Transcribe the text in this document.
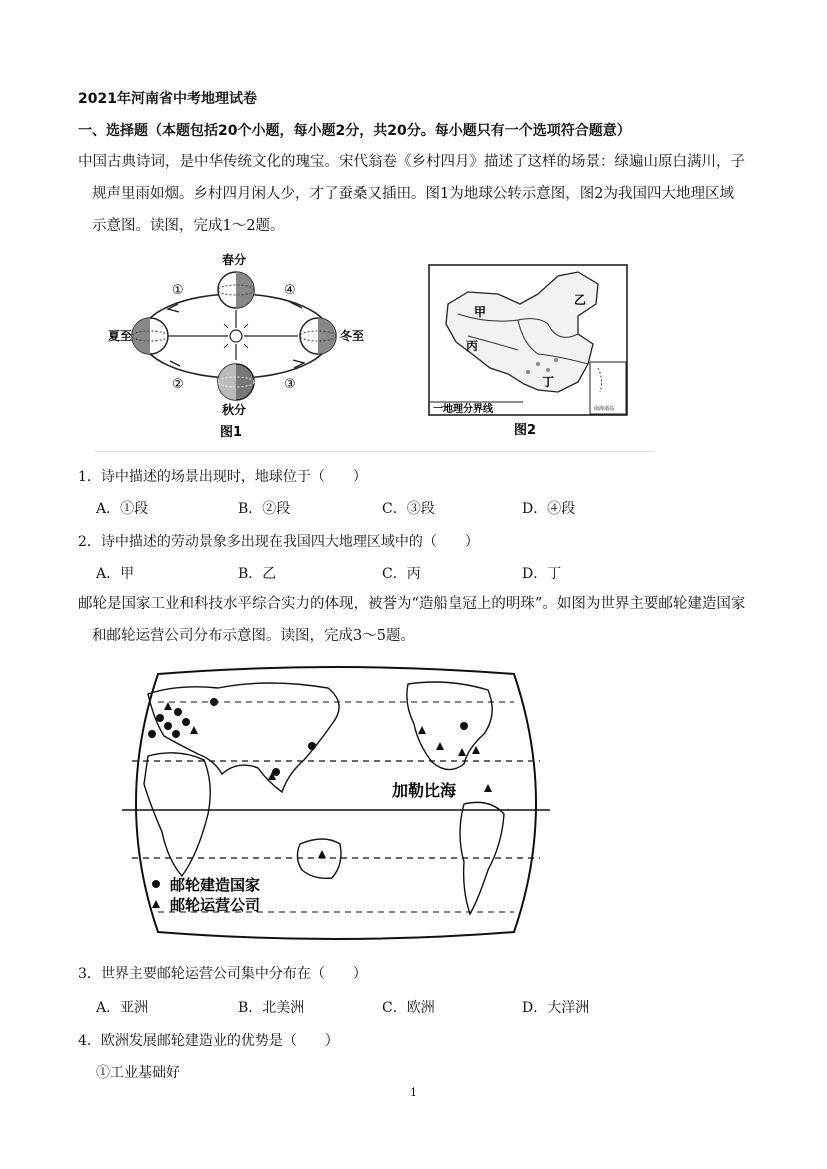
2021年河南省中考地理试卷
一、选择题（本题包括20个小题，每小题2分，共20分。每小题只有一个选项符合题意）
中国古典诗词，是中华传统文化的瑰宝。宋代翁卷《乡村四月》描述了这样的场景：绿遍山原白满川，子
规声里雨如烟。乡村四月闲人少，才了蚕桑又插田。图1为地球公转示意图，图2为我国四大地理区域
示意图。读图，完成1～2题。
春分
夏至	冬至
秋分
①
②	③
④
图1
南海诸岛
一地理分界线
甲
乙
丙
丁
图2
1．诗中描述的场景出现时，地球位于（　　）
A．①段	B．②段	C．③段	D．④段
2．诗中描述的劳动景象多出现在我国四大地理区域中的（　　）
A．甲	B．乙	C．丙	D．丁
邮轮是国家工业和科技水平综合实力的体现，被誉为“造船皇冠上的明珠”。如图为世界主要邮轮建造国家
和邮轮运营公司分布示意图。读图，完成3～5题。
加勒比海
邮轮建造国家
邮轮运营公司
3．世界主要邮轮运营公司集中分布在（　　）
A．亚洲	B．北美洲	C．欧洲	D．大洋洲
4．欧洲发展邮轮建造业的优势是（　　）
①工业基础好
1
